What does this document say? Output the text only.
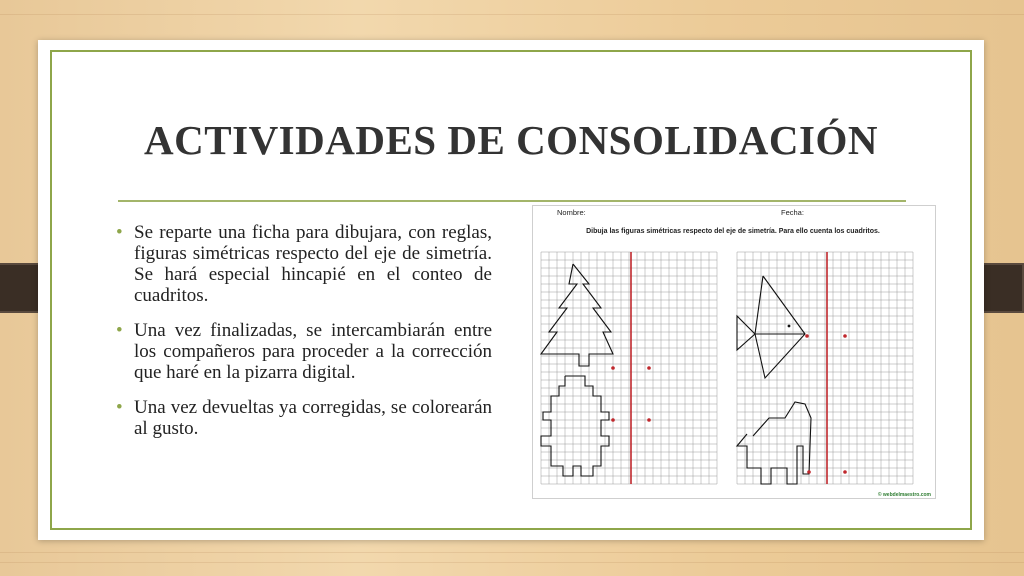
ACTIVIDADES DE CONSOLIDACIÓN
• Se reparte una ficha para dibujara, con reglas, figuras simétricas respecto del eje de simetría. Se hará especial hincapié en el conteo de cuadritos.
• Una vez finalizadas, se intercambiarán entre los compañeros para proceder a la corrección que haré en la pizarra digital.
• Una vez devueltas ya corregidas, se colorearán al gusto.
Nombre:	Fecha:
Dibuja las figuras simétricas respecto del eje de simetría. Para ello cuenta los cuadritos.
© webdelmaestro.com
